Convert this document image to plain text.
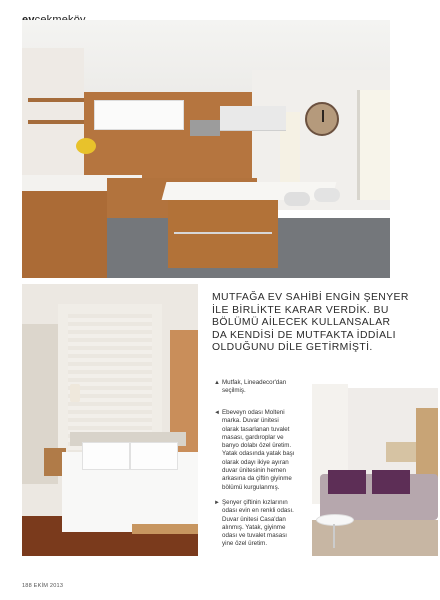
MUTFAĞA EV SAHİBİ ENGİN ŞENYER
İLE BİRLİKTE KARAR VERDİK. BU
BÖLÜMÜ AİLECEK KULLANSALAR
DA KENDİSİ DE MUTFAKTA İDDİALI
OLDUĞUNU DİLE GETİRMİŞTİ.

▲ Mutfak, Lineadecor'dan
seçilmiş.
◄ Ebeveyn odası Molteni
marka. Duvar ünitesi
olarak tasarlanan tuvalet
masası, gardıroplar ve
banyo dolabı özel üretim.
Yatak odasında yatak başı
olarak odayı ikiye ayıran
duvar ünitesinin hemen
arkasına da çiftin giyinme
bölümü kurgulanmış.
► Şenyer çiftinin kızlarının
odası evin en renkli odası.
Duvar ünitesi Casa'dan
alınmış. Yatak, giyinme
odası ve tuvalet masası
yine özel üretim.
188 EKİM 2013
